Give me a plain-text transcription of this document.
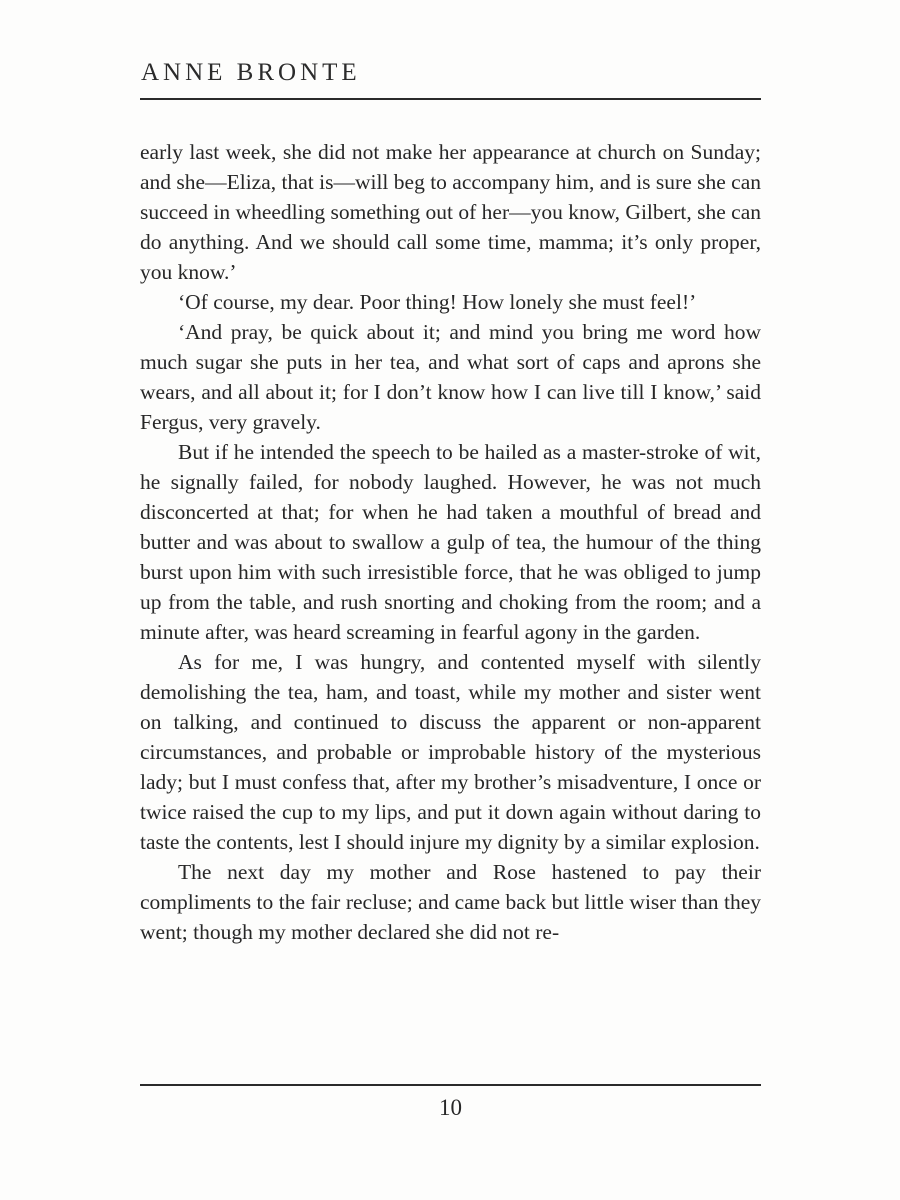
ANNE BRONTE

early last week, she did not make her appearance at church on Sunday; and she—Eliza, that is—will beg to accompany him, and is sure she can succeed in wheedling something out of her—you know, Gilbert, she can do anything. And we should call some time, mamma; it’s only proper, you know.’

‘Of course, my dear. Poor thing! How lonely she must feel!’

‘And pray, be quick about it; and mind you bring me word how much sugar she puts in her tea, and what sort of caps and aprons she wears, and all about it; for I don’t know how I can live till I know,’ said Fergus, very gravely.

But if he intended the speech to be hailed as a master-stroke of wit, he signally failed, for nobody laughed. However, he was not much disconcerted at that; for when he had taken a mouthful of bread and butter and was about to swallow a gulp of tea, the humour of the thing burst upon him with such irresistible force, that he was obliged to jump up from the table, and rush snorting and choking from the room; and a minute after, was heard screaming in fearful agony in the garden.

As for me, I was hungry, and contented myself with silently demolishing the tea, ham, and toast, while my mother and sister went on talking, and continued to discuss the apparent or non-apparent circumstances, and probable or improbable history of the mysterious lady; but I must confess that, after my brother’s misadventure, I once or twice raised the cup to my lips, and put it down again without daring to taste the contents, lest I should injure my dignity by a similar explosion.

The next day my mother and Rose hastened to pay their compliments to the fair recluse; and came back but little wiser than they went; though my mother declared she did not re-

10
